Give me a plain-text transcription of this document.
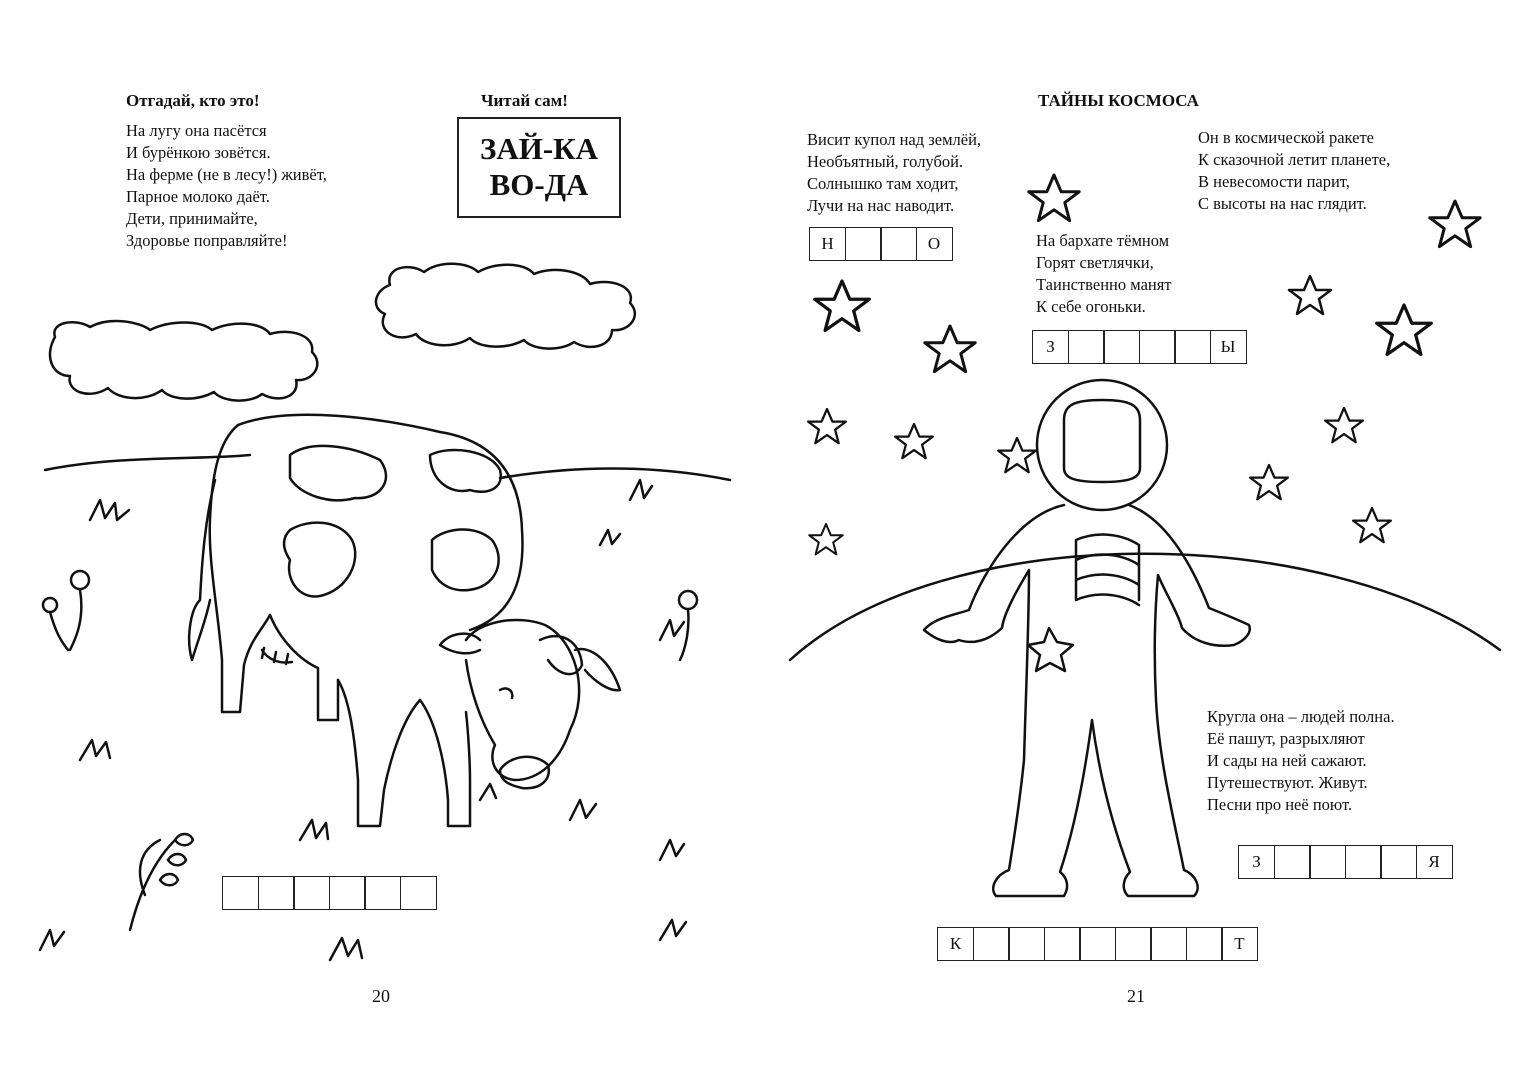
Отгадай, кто это!	Читай сам!
На лугу она пасётся
И бурёнкою зовётся.
На ферме (не в лесу!) живёт,
Парное молоко даёт.
Дети, принимайте,
Здоровье поправляйте!
ЗАЙ-КА
ВО-ДА
20
ТАЙНЫ КОСМОСА
Висит купол над землёй,
Необъятный, голубой.
Солнышко там ходит,
Лучи на нас наводит.
Н	О
Он в космической ракете
К сказочной летит планете,
В невесомости парит,
С высоты на нас глядит.
На бархате тёмном
Горят светлячки,
Таинственно манят
К себе огоньки.
З	Ы
Кругла она – людей полна.
Её пашут, разрыхляют
И сады на ней сажают.
Путешествуют. Живут.
Песни про неё поют.
З	Я
К	Т
21
